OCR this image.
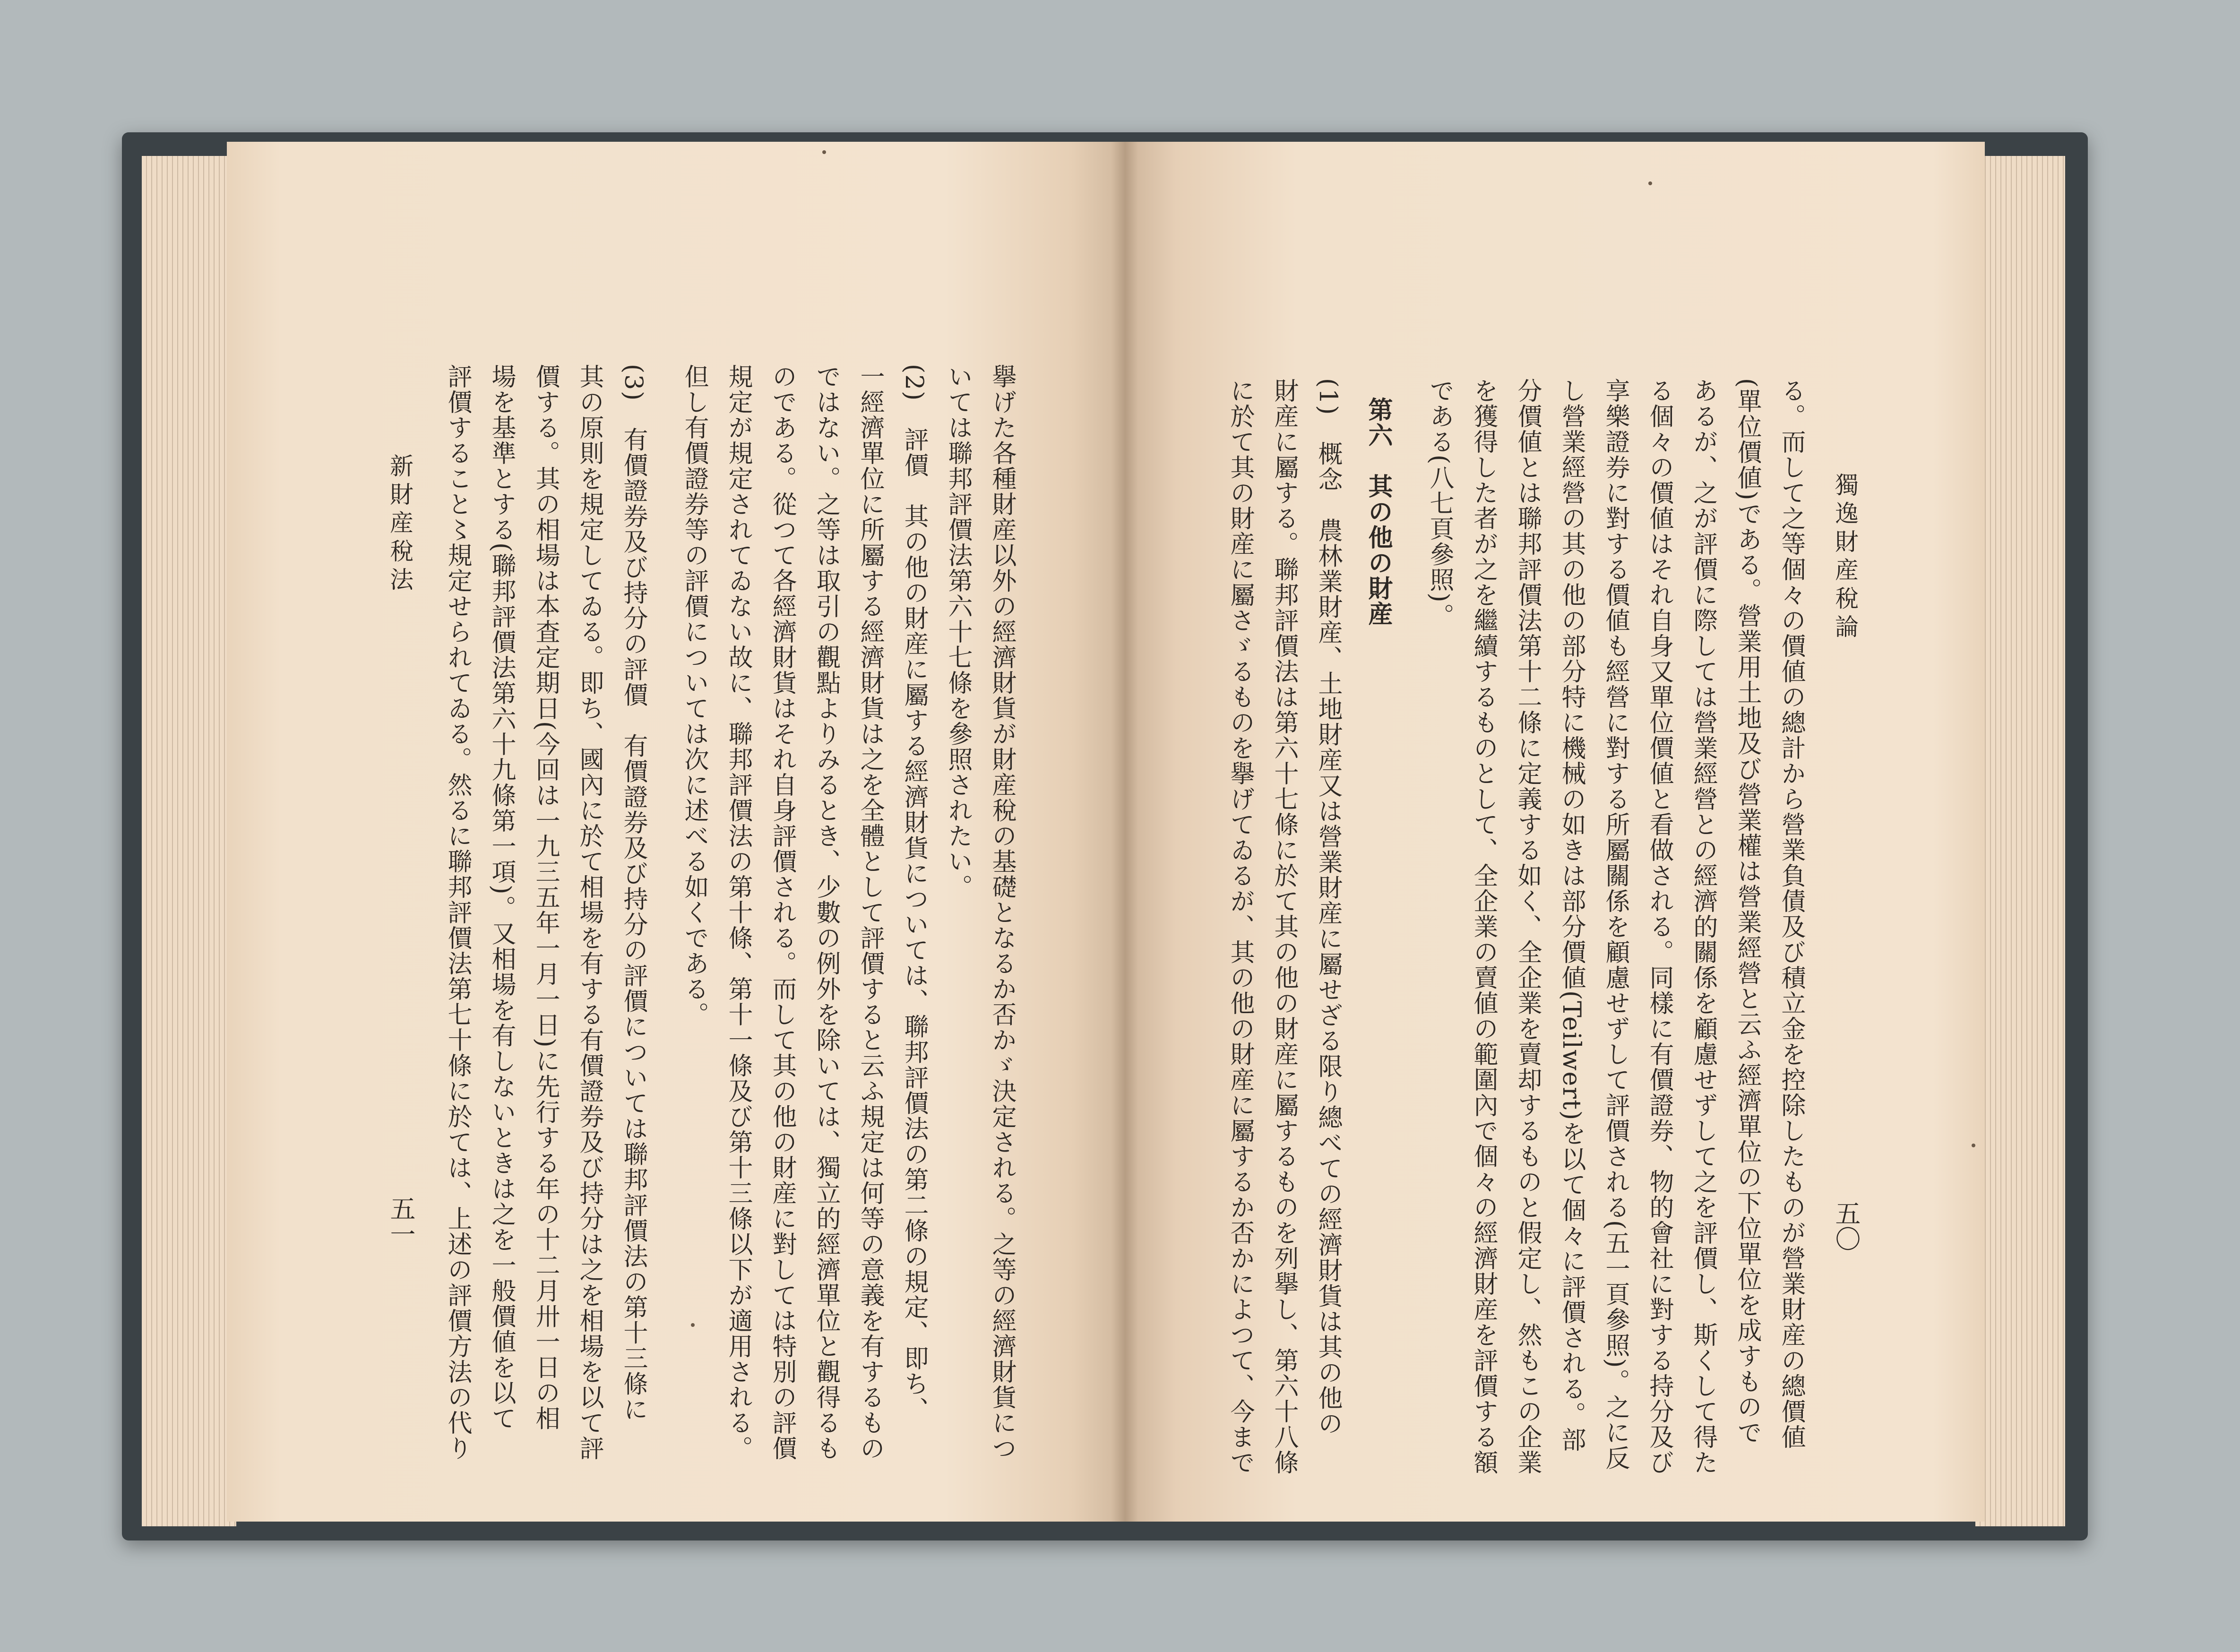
獨逸財産稅論
五〇
る。而して之等個々の價値の總計から營業負債及び積立金を控除したものが營業財産の總價値
(單位價値)である。營業用土地及び營業權は營業經營と云ふ經濟單位の下位單位を成すもので
あるが、之が評價に際しては營業經營との經濟的關係を顧慮せずして之を評價し、斯くして得た
る個々の價値はそれ自身又單位價値と看做される。同樣に有價證券、物的會社に對する持分及び
享樂證券に對する價値も經營に對する所屬關係を顧慮せずして評價される(五一頁參照)。之に反
し營業經營の其の他の部分特に機械の如きは部分價値(Teilwert)を以て個々に評價される。部
分價値とは聯邦評價法第十二條に定義する如く、全企業を賣却するものと假定し、然もこの企業
を獲得した者が之を繼續するものとして、全企業の賣値の範圍內で個々の經濟財産を評價する額
である(八七頁參照)。
第六　其の他の財産
(1)　概念　農林業財産、土地財産又は營業財産に屬せざる限り總べての經濟財貨は其の他の
財産に屬する。聯邦評價法は第六十七條に於て其の他の財産に屬するものを列擧し、第六十八條
に於て其の財産に屬さゞるものを擧げてゐるが、其の他の財産に屬するか否かによつて、今まで
擧げた各種財産以外の經濟財貨が財産稅の基礎となるか否かゞ決定される。之等の經濟財貨につ
いては聯邦評價法第六十七條を參照されたい。
(2)　評價　其の他の財産に屬する經濟財貨については、聯邦評價法の第二條の規定、即ち、
一經濟單位に所屬する經濟財貨は之を全體として評價すると云ふ規定は何等の意義を有するもの
ではない。之等は取引の觀點よりみるとき、少數の例外を除いては、獨立的經濟單位と觀得るも
のである。從つて各經濟財貨はそれ自身評價される。而して其の他の財産に對しては特別の評價
規定が規定されてゐない故に、聯邦評價法の第十條、第十一條及び第十三條以下が適用される。
但し有價證券等の評價については次に述べる如くである。
(3)　有價證券及び持分の評價　有價證券及び持分の評價については聯邦評價法の第十三條に
其の原則を規定してゐる。即ち、國內に於て相場を有する有價證券及び持分は之を相場を以て評
價する。其の相場は本査定期日(今回は一九三五年一月一日)に先行する年の十二月卅一日の相
場を基準とする(聯邦評價法第六十九條第一項)。又相場を有しないときは之を一般價値を以て
評價すること〻規定せられてゐる。然るに聯邦評價法第七十條に於ては、上述の評價方法の代り
新財産稅法
五一
